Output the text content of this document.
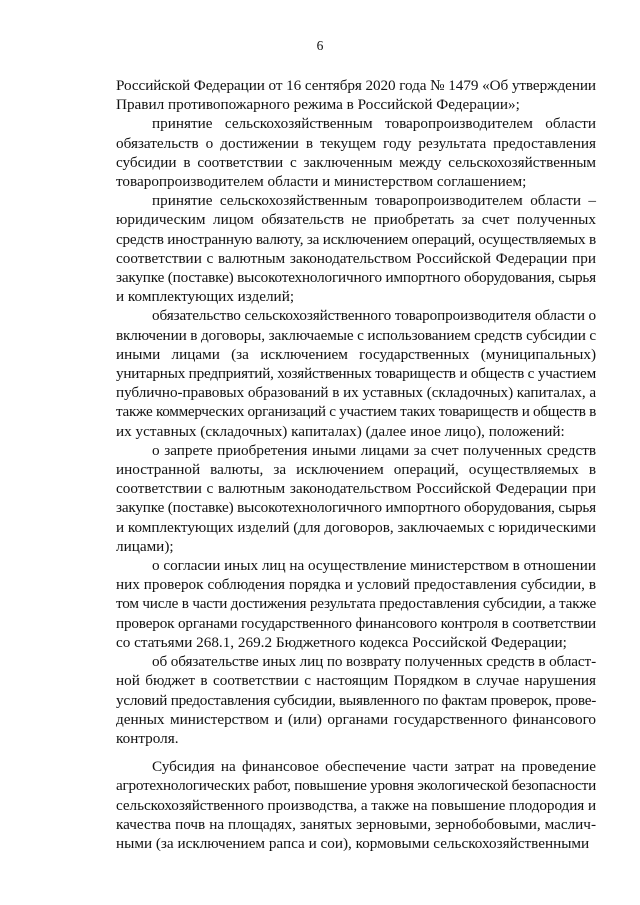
6

Российской Федерации от 16 сентября 2020 года № 1479 «Об утверждении
Правил противопожарного режима в Российской Федерации»;

принятие сельскохозяйственным товаропроизводителем области
обязательств о достижении в текущем году результата предоставления
субсидии в соответствии с заключенным между сельскохозяйственным
товаропроизводителем области и министерством соглашением;

принятие сельскохозяйственным товаропроизводителем области –
юридическим лицом обязательств не приобретать за счет полученных
средств иностранную валюту, за исключением операций, осуществляемых в
соответствии с валютным законодательством Российской Федерации при
закупке (поставке) высокотехнологичного импортного оборудования, сырья
и комплектующих изделий;

обязательство сельскохозяйственного товаропроизводителя области о
включении в договоры, заключаемые с использованием средств субсидии с
иными лицами (за исключением государственных (муниципальных)
унитарных предприятий, хозяйственных товариществ и обществ с участием
публично-правовых образований в их уставных (складочных) капиталах, а
также коммерческих организаций с участием таких товариществ и обществ в
их уставных (складочных) капиталах) (далее иное лицо), положений:

о запрете приобретения иными лицами за счет полученных средств
иностранной валюты, за исключением операций, осуществляемых в
соответствии с валютным законодательством Российской Федерации при
закупке (поставке) высокотехнологичного импортного оборудования, сырья
и комплектующих изделий (для договоров, заключаемых с юридическими
лицами);

о согласии иных лиц на осуществление министерством в отношении
них проверок соблюдения порядка и условий предоставления субсидии, в
том числе в части достижения результата предоставления субсидии, а также
проверок органами государственного финансового контроля в соответствии
со статьями 268.1, 269.2 Бюджетного кодекса Российской Федерации;

об обязательстве иных лиц по возврату полученных средств в област-
ной бюджет в соответствии с настоящим Порядком в случае нарушения
условий предоставления субсидии, выявленного по фактам проверок, прове-
денных министерством и (или) органами государственного финансового
контроля.

Субсидия на финансовое обеспечение части затрат на проведение
агротехнологических работ, повышение уровня экологической безопасности
сельскохозяйственного производства, а также на повышение плодородия и
качества почв на площадях, занятых зерновыми, зернобобовыми, маслич-
ными (за исключением рапса и сои), кормовыми сельскохозяйственными
